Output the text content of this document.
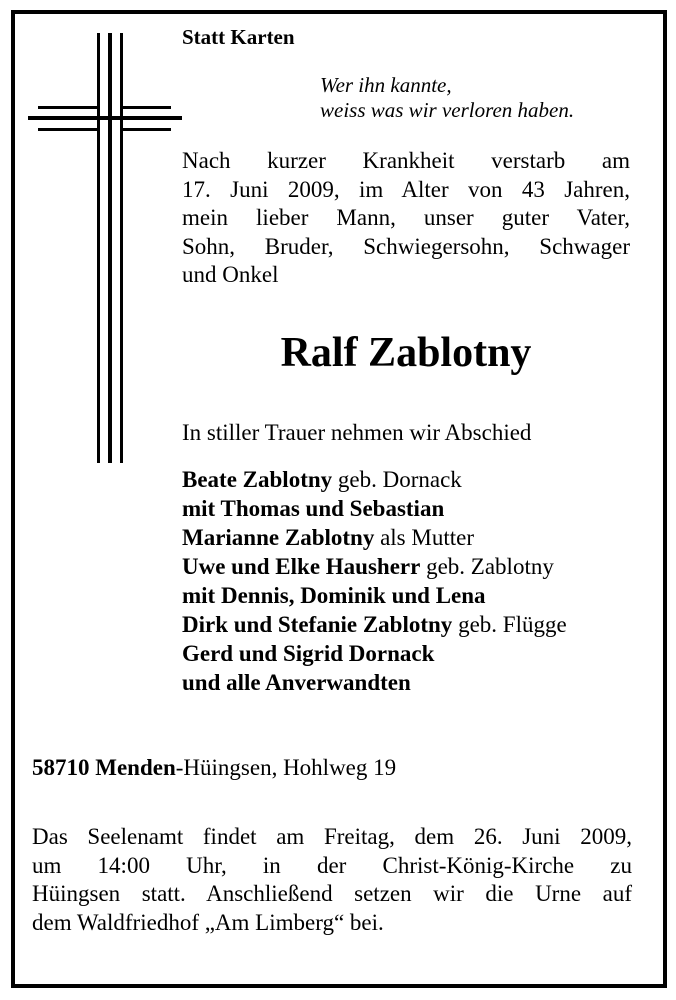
Statt Karten
Wer ihn kannte,
weiss was wir verloren haben.
Nach kurzer Krankheit verstarb am
17. Juni 2009, im Alter von 43 Jahren,
mein lieber Mann, unser guter Vater,
Sohn, Bruder, Schwiegersohn, Schwager
und Onkel
Ralf Zablotny
In stiller Trauer nehmen wir Abschied
Beate Zablotny geb. Dornack
mit Thomas und Sebastian
Marianne Zablotny als Mutter
Uwe und Elke Hausherr geb. Zablotny
mit Dennis, Dominik und Lena
Dirk und Stefanie Zablotny geb. Flügge
Gerd und Sigrid Dornack
und alle Anverwandten
58710 Menden-Hüingsen, Hohlweg 19
Das Seelenamt findet am Freitag, dem 26. Juni 2009,
um 14:00 Uhr, in der Christ-König-Kirche zu
Hüingsen statt. Anschließend setzen wir die Urne auf
dem Waldfriedhof „Am Limberg“ bei.
